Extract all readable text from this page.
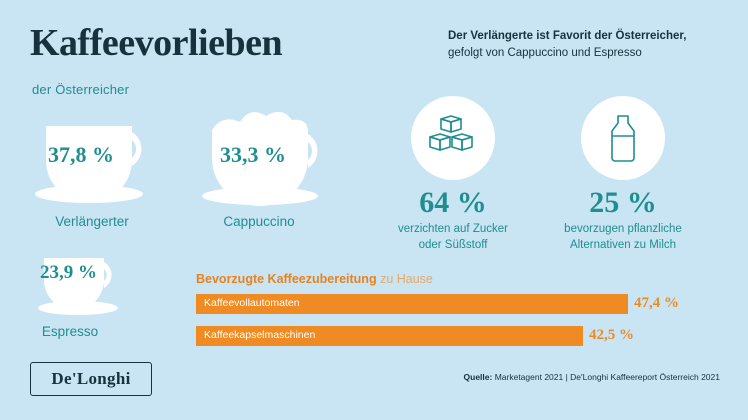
Kaffeevorlieben
der Österreicher
Der Verlängerte ist Favorit der Österreicher,
gefolgt von Cappuccino und Espresso
37,8 %
Verlängerter
33,3 %
Cappuccino
23,9 %
Espresso
64 %
verzichten auf Zucker
oder Süßstoff
25 %
bevorzugen pflanzliche
Alternativen zu Milch
Bevorzugte Kaffeezubereitung zu Hause
Kaffeevollautomaten	47,4 %
Kaffeekapselmaschinen	42,5 %
De'Longhi	Quelle: Marketagent 2021 | De'Longhi Kaffeereport Österreich 2021
